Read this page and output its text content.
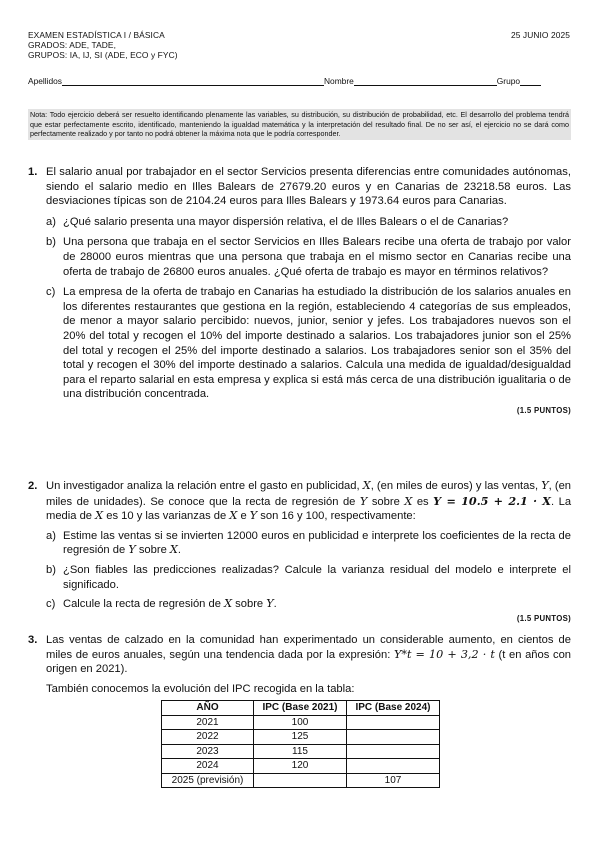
EXAMEN ESTADÍSTICA I / BÁSICA
GRADOS: ADE, TADE,
GRUPOS: IA, IJ, SI (ADE, ECO y FYC)
25 JUNIO 2025
Apellidos	Nombre	Grupo
Nota: Todo ejercicio deberá ser resuelto identificando plenamente las variables, su distribución, su distribución de probabilidad, etc. El desarrollo del problema tendrá que estar perfectamente escrito, identificado, manteniendo la igualdad matemática y la interpretación del resultado final. De no ser así, el ejercicio no se dará como perfectamente realizado y por tanto no podrá obtener la máxima nota que le podría corresponder.
1. El salario anual por trabajador en el sector Servicios presenta diferencias entre comunidades autónomas, siendo el salario medio en Illes Balears de 27679.20 euros y en Canarias de 23218.58 euros. Las desviaciones típicas son de 2104.24 euros para Illes Balears y 1973.64 euros para Canarias.
a) ¿Qué salario presenta una mayor dispersión relativa, el de Illes Balears o el de Canarias?
b) Una persona que trabaja en el sector Servicios en Illes Balears recibe una oferta de trabajo por valor de 28000 euros mientras que una persona que trabaja en el mismo sector en Canarias recibe una oferta de trabajo de 26800 euros anuales. ¿Qué oferta de trabajo es mayor en términos relativos?
c) La empresa de la oferta de trabajo en Canarias ha estudiado la distribución de los salarios anuales en los diferentes restaurantes que gestiona en la región, estableciendo 4 categorías de sus empleados, de menor a mayor salario percibido: nuevos, junior, senior y jefes. Los trabajadores nuevos son el 20% del total y recogen el 10% del importe destinado a salarios. Los trabajadores junior son el 25% del total y recogen el 25% del importe destinado a salarios. Los trabajadores senior son el 35% del total y recogen el 30% del importe destinado a salarios. Calcula una medida de igualdad/desigualdad para el reparto salarial en esta empresa y explica si está más cerca de una distribución igualitaria o de una distribución concentrada.
(1.5 PUNTOS)
2. Un investigador analiza la relación entre el gasto en publicidad, X, (en miles de euros) y las ventas, Y, (en miles de unidades). Se conoce que la recta de regresión de Y sobre X es Y = 10.5 + 2.1 · X. La media de X es 10 y las varianzas de X e Y son 16 y 100, respectivamente:
a) Estime las ventas si se invierten 12000 euros en publicidad e interprete los coeficientes de la recta de regresión de Y sobre X.
b) ¿Son fiables las predicciones realizadas? Calcule la varianza residual del modelo e interprete el significado.
c) Calcule la recta de regresión de X sobre Y.
(1.5 PUNTOS)
3. Las ventas de calzado en la comunidad han experimentado un considerable aumento, en cientos de miles de euros anuales, según una tendencia dada por la expresión: Y*t = 10 + 3,2 · t (t en años con origen en 2021).
También conocemos la evolución del IPC recogida en la tabla:
AÑO	IPC (Base 2021)	IPC (Base 2024)
2021	100	
2022	125	
2023	115	
2024	120	
2025 (previsión)		107
